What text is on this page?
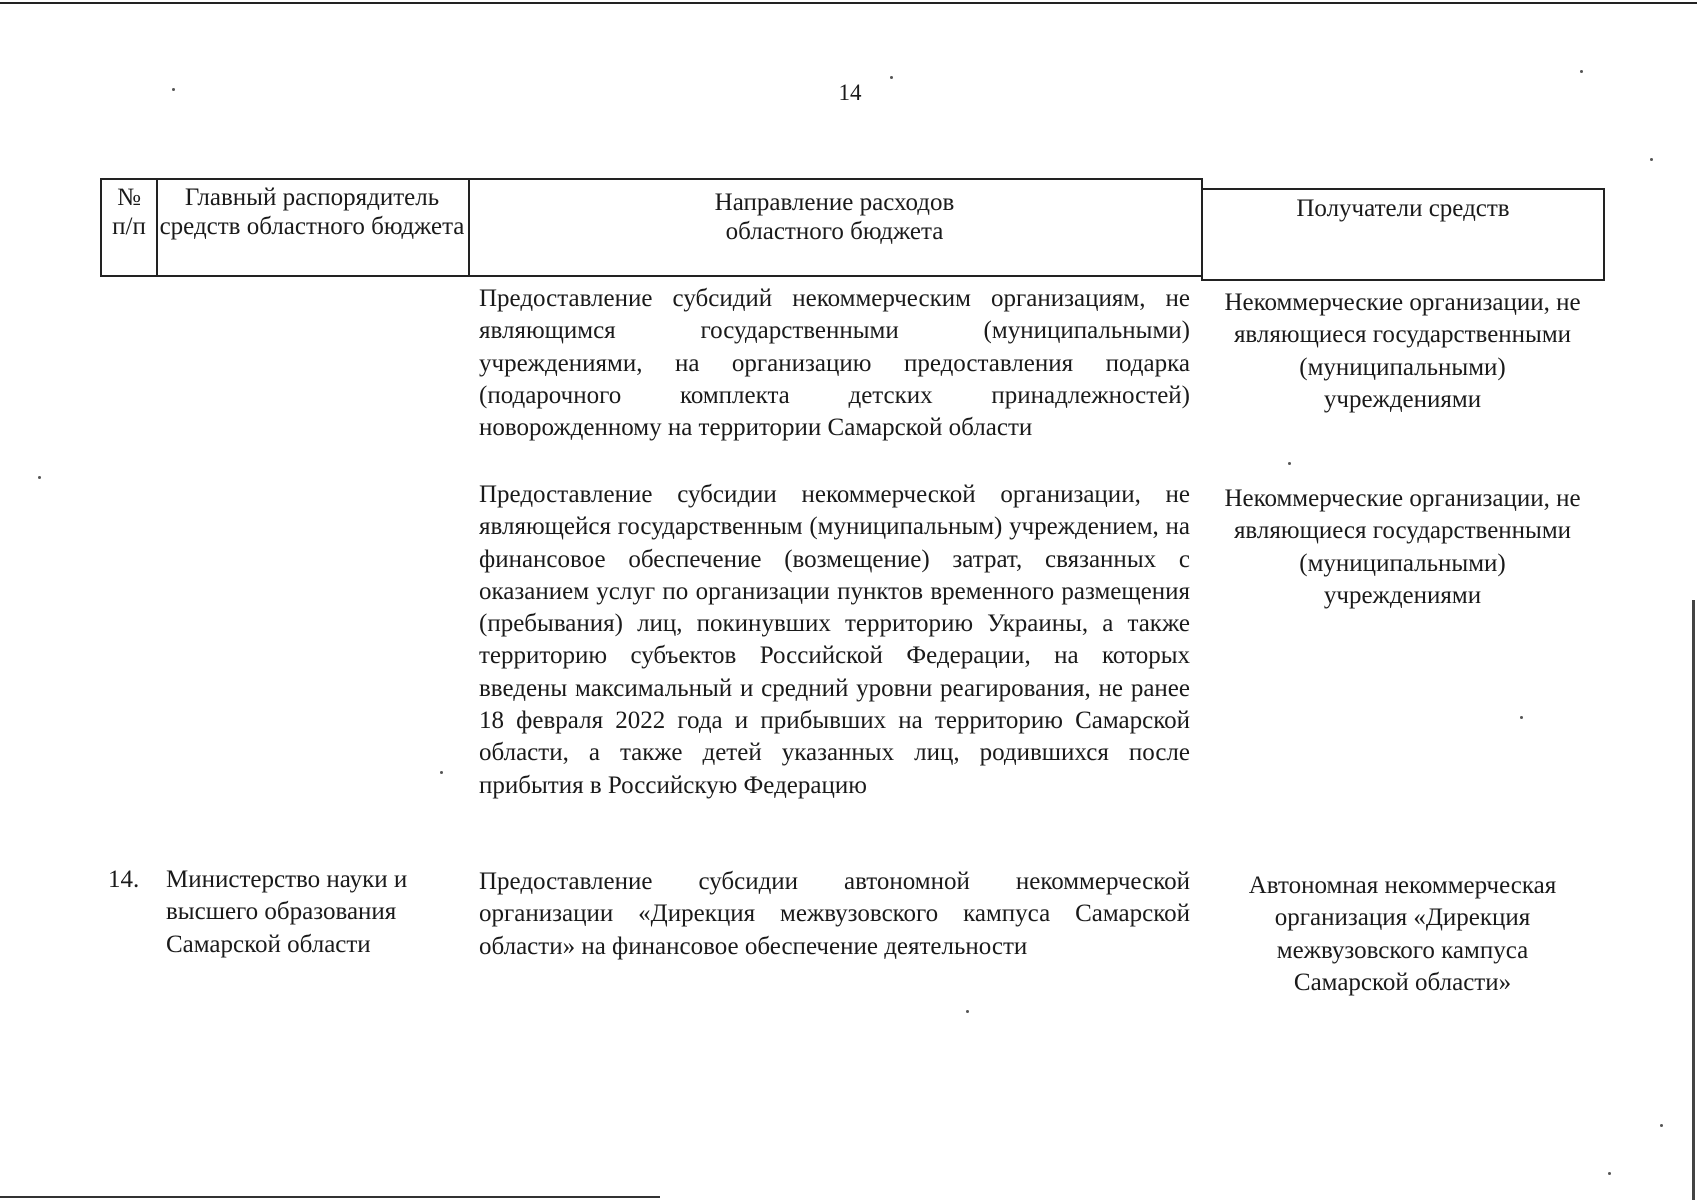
14
№
п/п
Главный распорядитель средств областного бюджета
Направление расходов
областного бюджета
Получатели средств
Предоставление субсидий некоммерческим организациям, не являющимся государственными (муниципальными) учреждениями, на организацию предоставления подарка (подарочного комплекта детских принадлежностей) новорожденному на территории Самарской области
Некоммерческие организации, не являющиеся государственными (муниципальными) учреждениями
Предоставление субсидии некоммерческой организации, не являющейся государственным (муниципальным) учреждением, на финансовое обеспечение (возмещение) затрат, связанных с оказанием услуг по организации пунктов временного размещения (пребывания) лиц, покинувших территорию Украины, а также территорию субъектов Российской Федерации, на которых введены максимальный и средний уровни реагирования, не ранее 18 февраля 2022 года и прибывших на территорию Самарской области, а также детей указанных лиц, родившихся после прибытия в Российскую Федерацию
Некоммерческие организации, не являющиеся государственными (муниципальными) учреждениями
14. Министерство науки и высшего образования Самарской области
Предоставление субсидии автономной некоммерческой организации «Дирекция межвузовского кампуса Самарской области» на финансовое обеспечение деятельности
Автономная некоммерческая организация «Дирекция межвузовского кампуса Самарской области»
